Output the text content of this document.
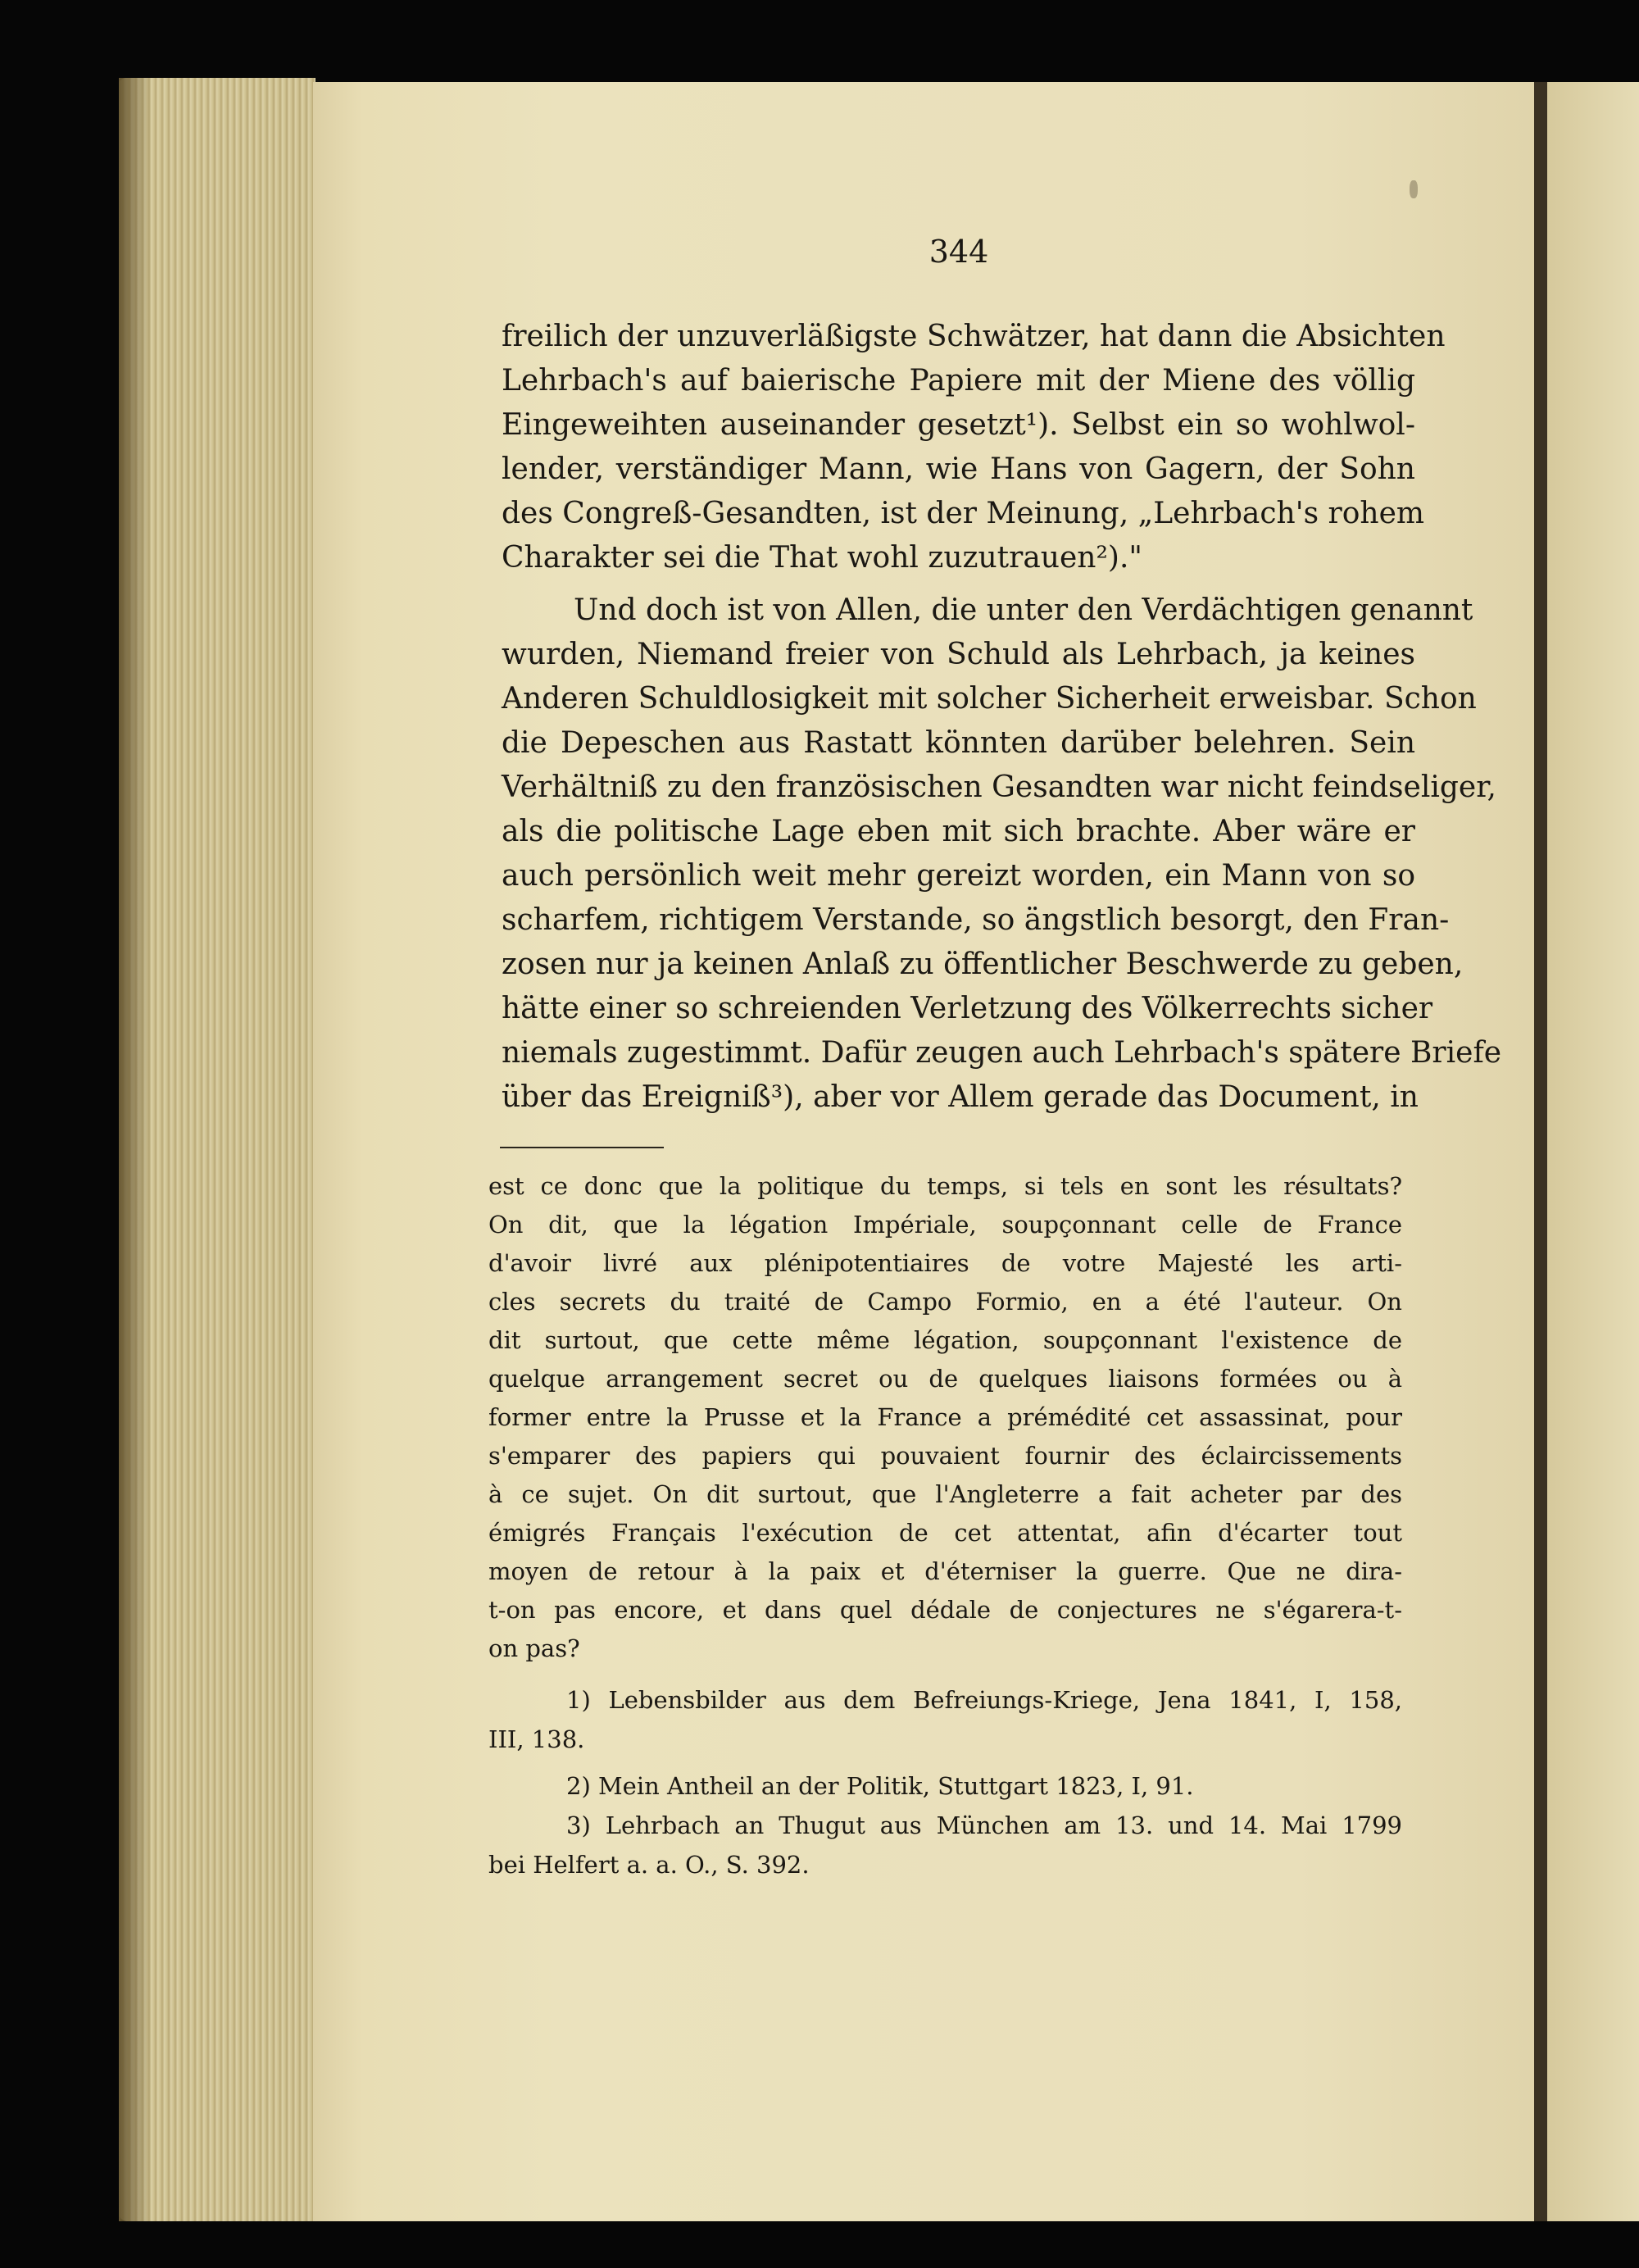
344

freilich der unzuverläßigste Schwätzer, hat dann die Absichten

Lehrbach's auf baierische Papiere mit der Miene des völlig

Eingeweihten auseinander gesetzt¹). Selbst ein so wohlwol-

lender, verständiger Mann, wie Hans von Gagern, der Sohn

des Congreß-Gesandten, ist der Meinung, „Lehrbach's rohem

Charakter sei die That wohl zuzutrauen²)."

Und doch ist von Allen, die unter den Verdächtigen genannt

wurden, Niemand freier von Schuld als Lehrbach, ja keines

Anderen Schuldlosigkeit mit solcher Sicherheit erweisbar. Schon

die Depeschen aus Rastatt könnten darüber belehren. Sein

Verhältniß zu den französischen Gesandten war nicht feindseliger,

als die politische Lage eben mit sich brachte. Aber wäre er

auch persönlich weit mehr gereizt worden, ein Mann von so

scharfem, richtigem Verstande, so ängstlich besorgt, den Fran-

zosen nur ja keinen Anlaß zu öffentlicher Beschwerde zu geben,

hätte einer so schreienden Verletzung des Völkerrechts sicher

niemals zugestimmt. Dafür zeugen auch Lehrbach's spätere Briefe

über das Ereigniß³), aber vor Allem gerade das Document, in

est ce donc que la politique du temps, si tels en sont les résultats?

On dit, que la légation Impériale, soupçonnant celle de France

d'avoir livré aux plénipotentiaires de votre Majesté les arti-

cles secrets du traité de Campo Formio, en a été l'auteur. On

dit surtout, que cette même légation, soupçonnant l'existence de

quelque arrangement secret ou de quelques liaisons formées ou à

former entre la Prusse et la France a prémédité cet assassinat, pour

s'emparer des papiers qui pouvaient fournir des éclaircissements

à ce sujet. On dit surtout, que l'Angleterre a fait acheter par des

émigrés Français l'exécution de cet attentat, afin d'écarter tout

moyen de retour à la paix et d'éterniser la guerre. Que ne dira-

t-on pas encore, et dans quel dédale de conjectures ne s'égarera-t-

on pas?

1) Lebensbilder aus dem Befreiungs-Kriege, Jena 1841, I, 158,

III, 138.

2) Mein Antheil an der Politik, Stuttgart 1823, I, 91.

3) Lehrbach an Thugut aus München am 13. und 14. Mai 1799

bei Helfert a. a. O., S. 392.
